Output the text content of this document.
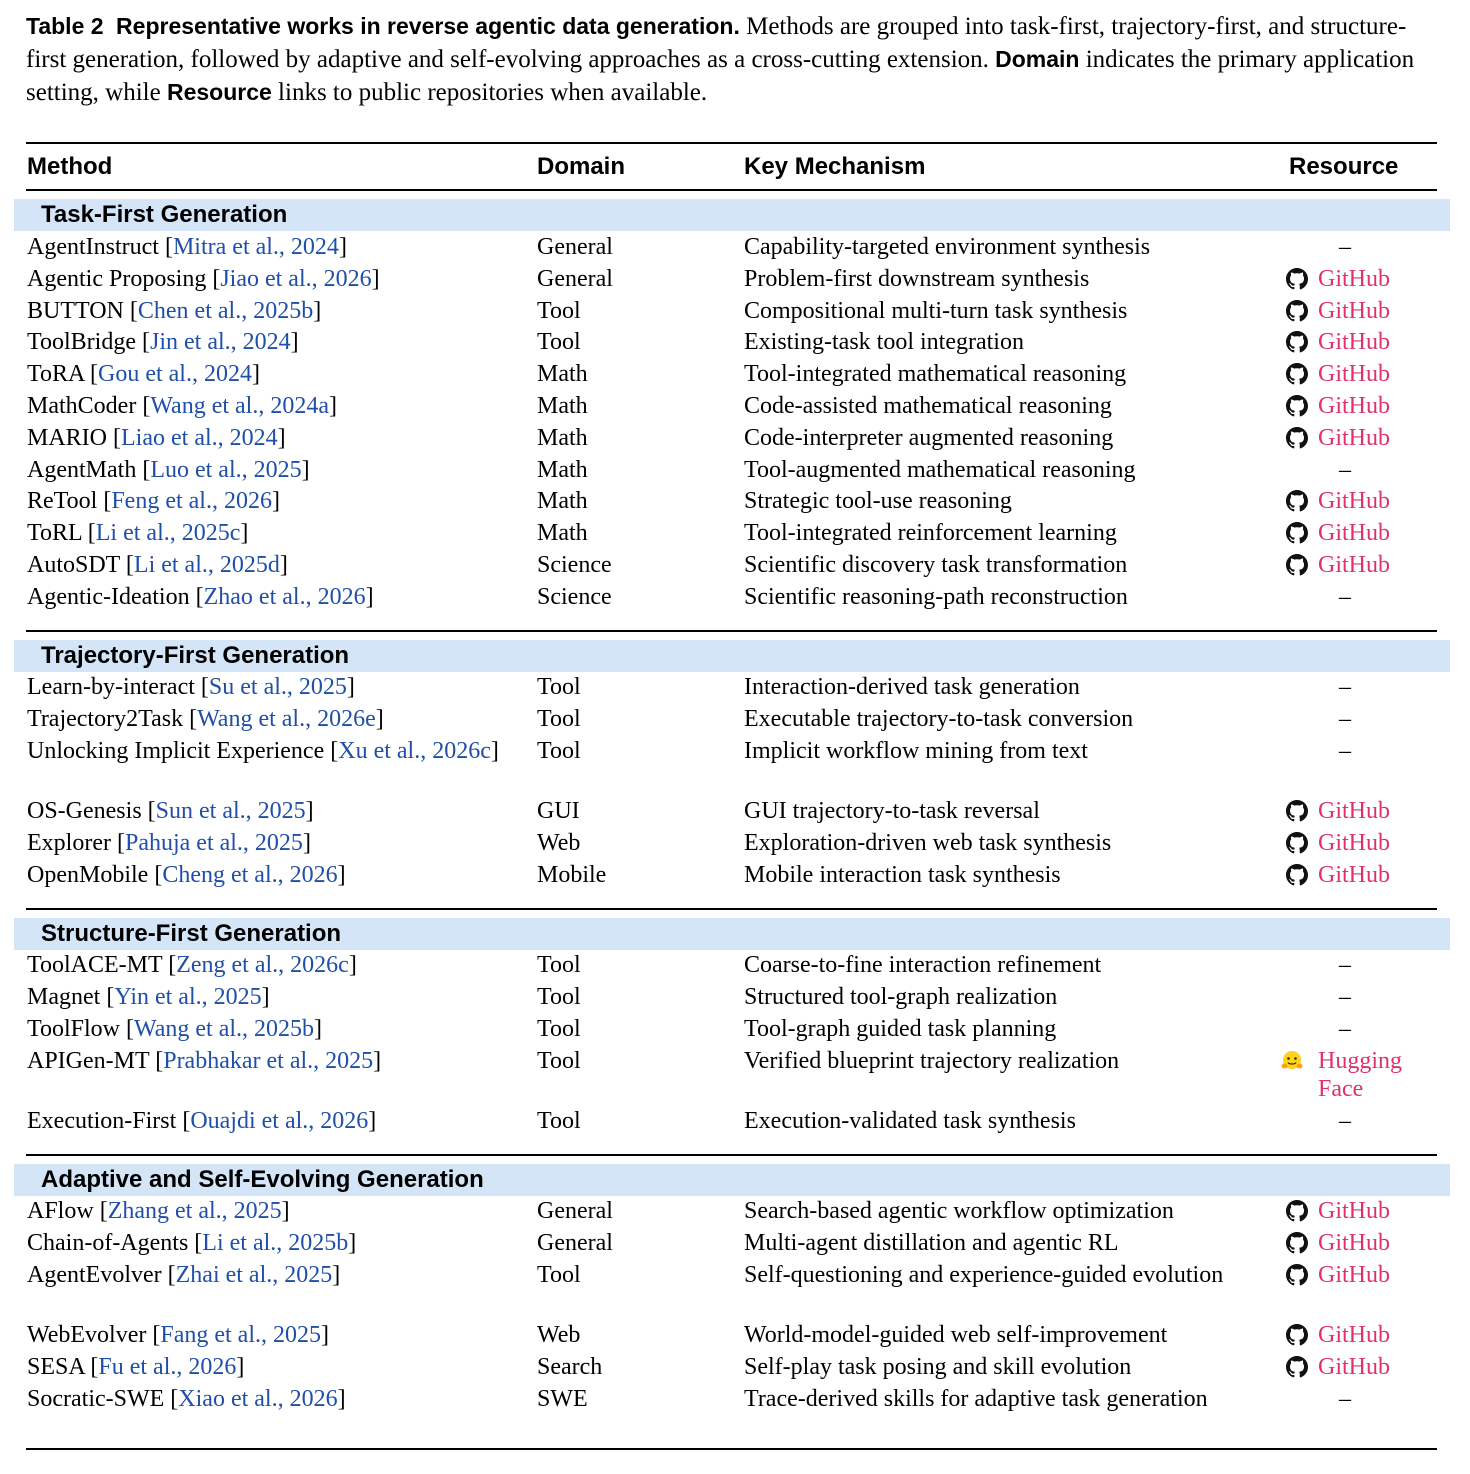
Table 2 Representative works in reverse agentic data generation. Methods are grouped into task-first, trajectory-first, and structure-first generation, followed by adaptive and self-evolving approaches as a cross-cutting extension. Domain indicates the primary application setting, while Resource links to public repositories when available.
Method	Domain	Key Mechanism	Resource
Task-First Generation
AgentInstruct [Mitra et al., 2024]	General	Capability-targeted environment synthesis	–
Agentic Proposing [Jiao et al., 2026]	General	Problem-first downstream synthesis	GitHub
BUTTON [Chen et al., 2025b]	Tool	Compositional multi-turn task synthesis	GitHub
ToolBridge [Jin et al., 2024]	Tool	Existing-task tool integration	GitHub
ToRA [Gou et al., 2024]	Math	Tool-integrated mathematical reasoning	GitHub
MathCoder [Wang et al., 2024a]	Math	Code-assisted mathematical reasoning	GitHub
MARIO [Liao et al., 2024]	Math	Code-interpreter augmented reasoning	GitHub
AgentMath [Luo et al., 2025]	Math	Tool-augmented mathematical reasoning	–
ReTool [Feng et al., 2026]	Math	Strategic tool-use reasoning	GitHub
ToRL [Li et al., 2025c]	Math	Tool-integrated reinforcement learning	GitHub
AutoSDT [Li et al., 2025d]	Science	Scientific discovery task transformation	GitHub
Agentic-Ideation [Zhao et al., 2026]	Science	Scientific reasoning-path reconstruction	–
Trajectory-First Generation
Learn-by-interact [Su et al., 2025]	Tool	Interaction-derived task generation	–
Trajectory2Task [Wang et al., 2026e]	Tool	Executable trajectory-to-task conversion	–
Unlocking Implicit Experience [Xu et al., 2026c] Tool	Implicit workflow mining from text	–
OS-Genesis [Sun et al., 2025]	GUI	GUI trajectory-to-task reversal	GitHub
Explorer [Pahuja et al., 2025]	Web	Exploration-driven web task synthesis	GitHub
OpenMobile [Cheng et al., 2026]	Mobile	Mobile interaction task synthesis	GitHub
Structure-First Generation
ToolACE-MT [Zeng et al., 2026c]	Tool	Coarse-to-fine interaction refinement	–
Magnet [Yin et al., 2025]	Tool	Structured tool-graph realization	–
ToolFlow [Wang et al., 2025b]	Tool	Tool-graph guided task planning	–
APIGen-MT [Prabhakar et al., 2025]	Tool	Verified blueprint trajectory realization	Hugging Face
Execution-First [Ouajdi et al., 2026]	Tool	Execution-validated task synthesis	–
Adaptive and Self-Evolving Generation
AFlow [Zhang et al., 2025]	General	Search-based agentic workflow optimization	GitHub
Chain-of-Agents [Li et al., 2025b]	General	Multi-agent distillation and agentic RL	GitHub
AgentEvolver [Zhai et al., 2025]	Tool	Self-questioning and experience-guided evolution	GitHub
WebEvolver [Fang et al., 2025]	Web	World-model-guided web self-improvement	GitHub
SESA [Fu et al., 2026]	Search	Self-play task posing and skill evolution	GitHub
Socratic-SWE [Xiao et al., 2026]	SWE	Trace-derived skills for adaptive task generation	–
